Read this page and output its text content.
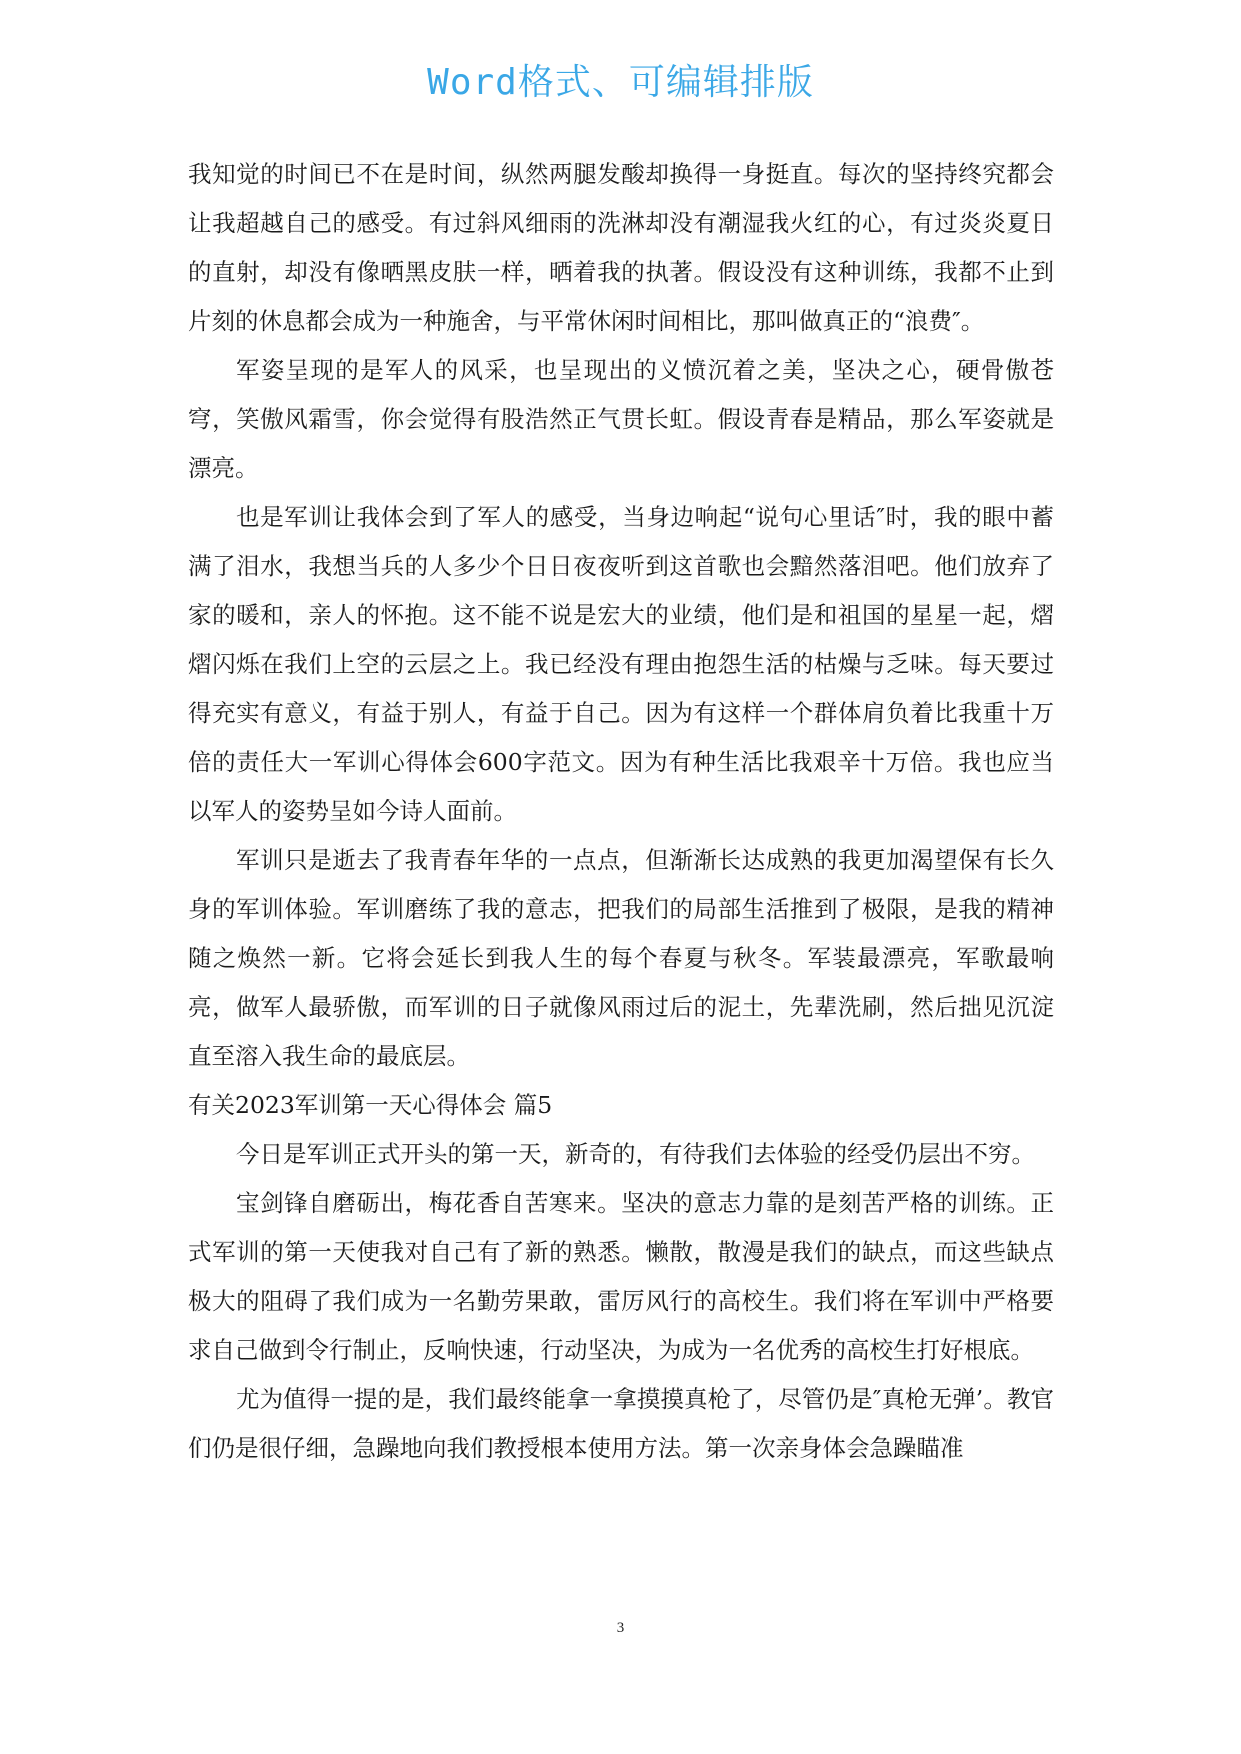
Word格式、可编辑排版

我知觉的时间已不在是时间，纵然两腿发酸却换得一身挺直。每次的坚持终究都会让我超越自己的感受。有过斜风细雨的洗淋却没有潮湿我火红的心，有过炎炎夏日的直射，却没有像晒黑皮肤一样，晒着我的执著。假设没有这种训练，我都不止到片刻的休息都会成为一种施舍，与平常休闲时间相比，那叫做真正的“浪费″。

军姿呈现的是军人的风采，也呈现出的义愤沉着之美，坚决之心，硬骨傲苍穹，笑傲风霜雪，你会觉得有股浩然正气贯长虹。假设青春是精品，那么军姿就是漂亮。

也是军训让我体会到了军人的感受，当身边响起“说句心里话″时，我的眼中蓄满了泪水，我想当兵的人多少个日日夜夜听到这首歌也会黯然落泪吧。他们放弃了家的暖和，亲人的怀抱。这不能不说是宏大的业绩，他们是和祖国的星星一起，熠熠闪烁在我们上空的云层之上。我已经没有理由抱怨生活的枯燥与乏味。每天要过得充实有意义，有益于别人，有益于自己。因为有这样一个群体肩负着比我重十万倍的责任大一军训心得体会600字范文。因为有种生活比我艰辛十万倍。我也应当以军人的姿势呈如今诗人面前。

军训只是逝去了我青春年华的一点点，但渐渐长达成熟的我更加渴望保有长久身的军训体验。军训磨练了我的意志，把我们的局部生活推到了极限，是我的精神随之焕然一新。它将会延长到我人生的每个春夏与秋冬。军装最漂亮，军歌最响亮，做军人最骄傲，而军训的日子就像风雨过后的泥土，先辈洗刷，然后拙见沉淀直至溶入我生命的最底层。

有关2023军训第一天心得体会 篇5

今日是军训正式开头的第一天，新奇的，有待我们去体验的经受仍层出不穷。

宝剑锋自磨砺出，梅花香自苦寒来。坚决的意志力靠的是刻苦严格的训练。正式军训的第一天使我对自己有了新的熟悉。懒散，散漫是我们的缺点，而这些缺点极大的阻碍了我们成为一名勤劳果敢，雷厉风行的高校生。我们将在军训中严格要求自己做到令行制止，反响快速，行动坚决，为成为一名优秀的高校生打好根底。

尤为值得一提的是，我们最终能拿一拿摸摸真枪了，尽管仍是″真枪无弹’。教官们仍是很仔细，急躁地向我们教授根本使用方法。第一次亲身体会急躁瞄准

3
